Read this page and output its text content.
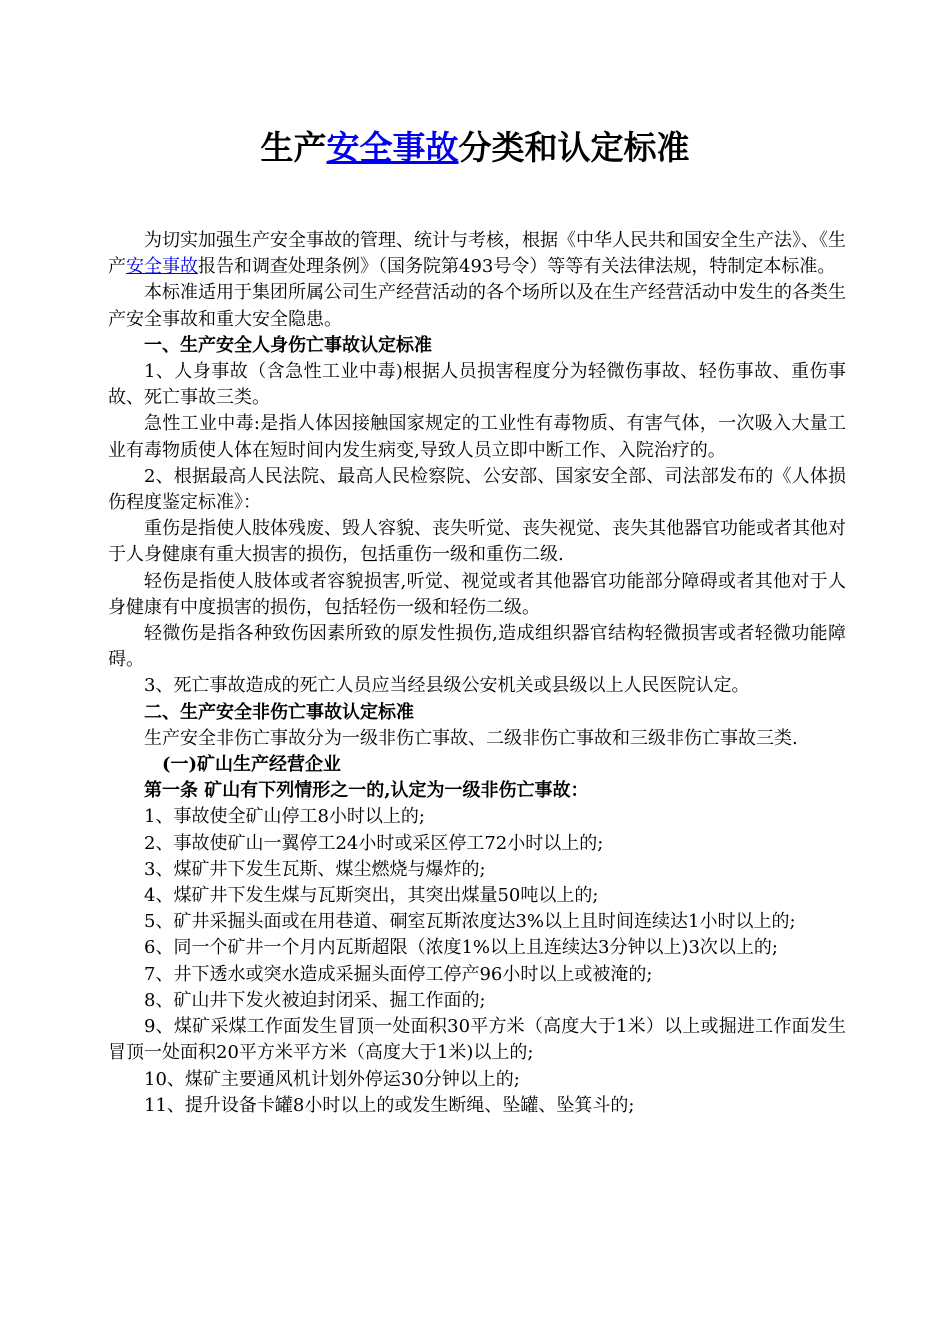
生产安全事故分类和认定标准

为切实加强生产安全事故的管理、统计与考核，根据《中华人民共和国安全生产法》、《生产安全事故报告和调查处理条例》（国务院第493号令）等等有关法律法规，特制定本标准。

本标准适用于集团所属公司生产经营活动的各个场所以及在生产经营活动中发生的各类生产安全事故和重大安全隐患。

一、生产安全人身伤亡事故认定标准

1、人身事故（含急性工业中毒)根据人员损害程度分为轻微伤事故、轻伤事故、重伤事故、死亡事故三类。

急性工业中毒:是指人体因接触国家规定的工业性有毒物质、有害气体，一次吸入大量工业有毒物质使人体在短时间内发生病变,导致人员立即中断工作、入院治疗的。

2、根据最高人民法院、最高人民检察院、公安部、国家安全部、司法部发布的《人体损伤程度鉴定标准》：

重伤是指使人肢体残废、毁人容貌、丧失听觉、丧失视觉、丧失其他器官功能或者其他对于人身健康有重大损害的损伤，包括重伤一级和重伤二级.

轻伤是指使人肢体或者容貌损害,听觉、视觉或者其他器官功能部分障碍或者其他对于人身健康有中度损害的损伤，包括轻伤一级和轻伤二级。

轻微伤是指各种致伤因素所致的原发性损伤,造成组织器官结构轻微损害或者轻微功能障碍。

3、死亡事故造成的死亡人员应当经县级公安机关或县级以上人民医院认定。

二、生产安全非伤亡事故认定标准

生产安全非伤亡事故分为一级非伤亡事故、二级非伤亡事故和三级非伤亡事故三类.

(一)矿山生产经营企业

第一条 矿山有下列情形之一的,认定为一级非伤亡事故：

1、事故使全矿山停工8小时以上的;

2、事故使矿山一翼停工24小时或采区停工72小时以上的;

3、煤矿井下发生瓦斯、煤尘燃烧与爆炸的;

4、煤矿井下发生煤与瓦斯突出，其突出煤量50吨以上的;

5、矿井采掘头面或在用巷道、硐室瓦斯浓度达3%以上且时间连续达1小时以上的;

6、同一个矿井一个月内瓦斯超限（浓度1%以上且连续达3分钟以上)3次以上的;

7、井下透水或突水造成采掘头面停工停产96小时以上或被淹的;

8、矿山井下发火被迫封闭采、掘工作面的;

9、煤矿采煤工作面发生冒顶一处面积30平方米（高度大于1米）以上或掘进工作面发生冒顶一处面积20平方米平方米（高度大于1米)以上的;

10、煤矿主要通风机计划外停运30分钟以上的;

11、提升设备卡罐8小时以上的或发生断绳、坠罐、坠箕斗的;
